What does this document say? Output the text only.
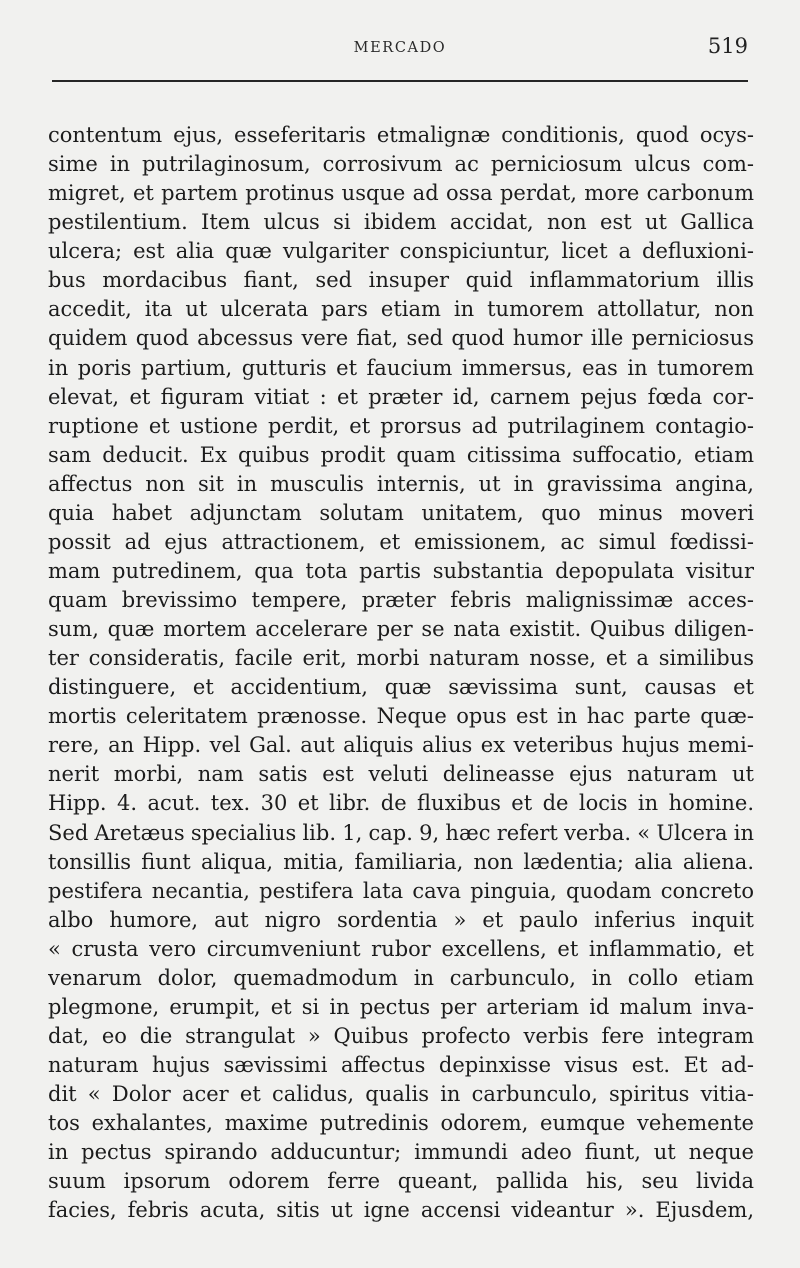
MERCADO	519
contentum ejus, esseferitaris etmalignæ conditionis, quod ocys-
sime in putrilaginosum, corrosivum ac perniciosum ulcus com-
migret, et partem protinus usque ad ossa perdat, more carbonum
pestilentium. Item ulcus si ibidem accidat, non est ut Gallica
ulcera; est alia quæ vulgariter conspiciuntur, licet a defluxioni-
bus mordacibus fiant, sed insuper quid inflammatorium illis
accedit, ita ut ulcerata pars etiam in tumorem attollatur, non
quidem quod abcessus vere fiat, sed quod humor ille perniciosus
in poris partium, gutturis et faucium immersus, eas in tumorem
elevat, et figuram vitiat : et præter id, carnem pejus fœda cor-
ruptione et ustione perdit, et prorsus ad putrilaginem contagio-
sam deducit. Ex quibus prodit quam citissima suffocatio, etiam
affectus non sit in musculis internis, ut in gravissima angina,
quia habet adjunctam solutam unitatem, quo minus moveri
possit ad ejus attractionem, et emissionem, ac simul fœdissi-
mam putredinem, qua tota partis substantia depopulata visitur
quam brevissimo tempere, præter febris malignissimæ acces-
sum, quæ mortem accelerare per se nata existit. Quibus diligen-
ter consideratis, facile erit, morbi naturam nosse, et a similibus
distinguere, et accidentium, quæ sævissima sunt, causas et
mortis celeritatem prænosse. Neque opus est in hac parte quæ-
rere, an Hipp. vel Gal. aut aliquis alius ex veteribus hujus memi-
nerit morbi, nam satis est veluti delineasse ejus naturam ut
Hipp. 4. acut. tex. 30 et libr. de fluxibus et de locis in homine.
Sed Aretæus specialius lib. 1, cap. 9, hæc refert verba. « Ulcera in
tonsillis fiunt aliqua, mitia, familiaria, non lædentia; alia aliena.
pestifera necantia, pestifera lata cava pinguia, quodam concreto
albo humore, aut nigro sordentia » et paulo inferius inquit
« crusta vero circumveniunt rubor excellens, et inflammatio, et
venarum dolor, quemadmodum in carbunculo, in collo etiam
plegmone, erumpit, et si in pectus per arteriam id malum inva-
dat, eo die strangulat » Quibus profecto verbis fere integram
naturam hujus sævissimi affectus depinxisse visus est. Et ad-
dit « Dolor acer et calidus, qualis in carbunculo, spiritus vitia-
tos exhalantes, maxime putredinis odorem, eumque vehemente
in pectus spirando adducuntur; immundi adeo fiunt, ut neque
suum ipsorum odorem ferre queant, pallida his, seu livida
facies, febris acuta, sitis ut igne accensi videantur ». Ejusdem,
